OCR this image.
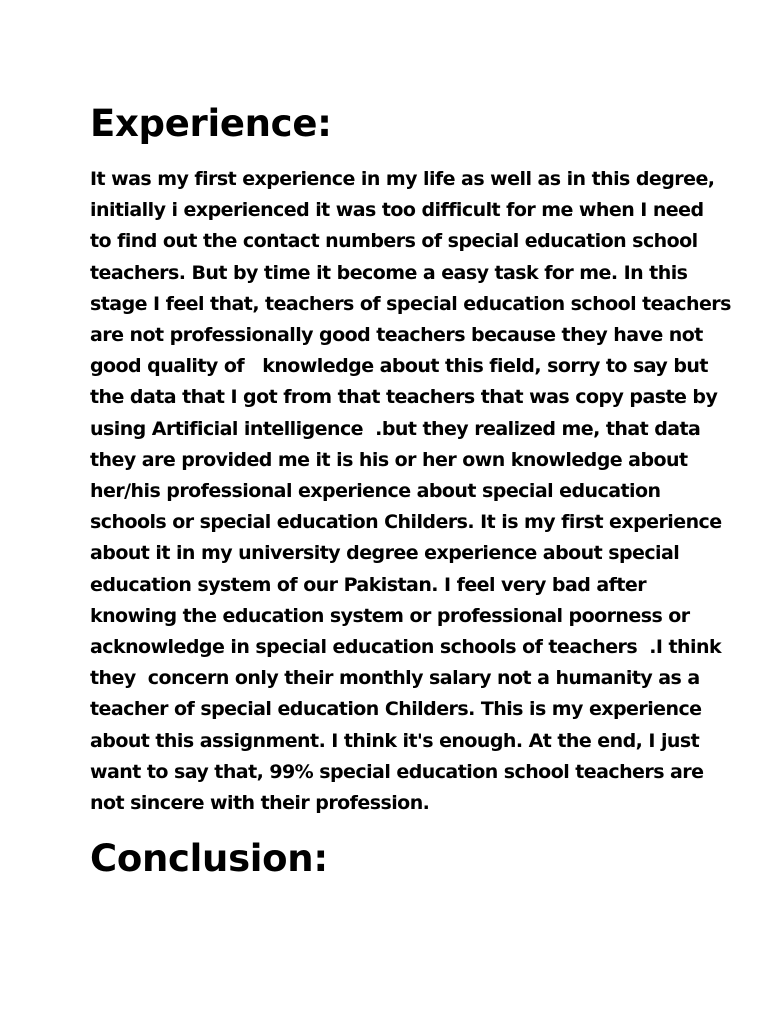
Experience:

It was my first experience in my life as well as in this degree,
initially i experienced it was too difficult for me when I need
to find out the contact numbers of special education school
teachers. But by time it become a easy task for me. In this
stage I feel that, teachers of special education school teachers
are not professionally good teachers because they have not
good quality of   knowledge about this field, sorry to say but
the data that I got from that teachers that was copy paste by
using Artificial intelligence  .but they realized me, that data
they are provided me it is his or her own knowledge about
her/his professional experience about special education
schools or special education Childers. It is my first experience
about it in my university degree experience about special
education system of our Pakistan. I feel very bad after
knowing the education system or professional poorness or
acknowledge in special education schools of teachers  .I think
they  concern only their monthly salary not a humanity as a
teacher of special education Childers. This is my experience
about this assignment. I think it's enough. At the end, I just
want to say that, 99% special education school teachers are
not sincere with their profession.

Conclusion:
